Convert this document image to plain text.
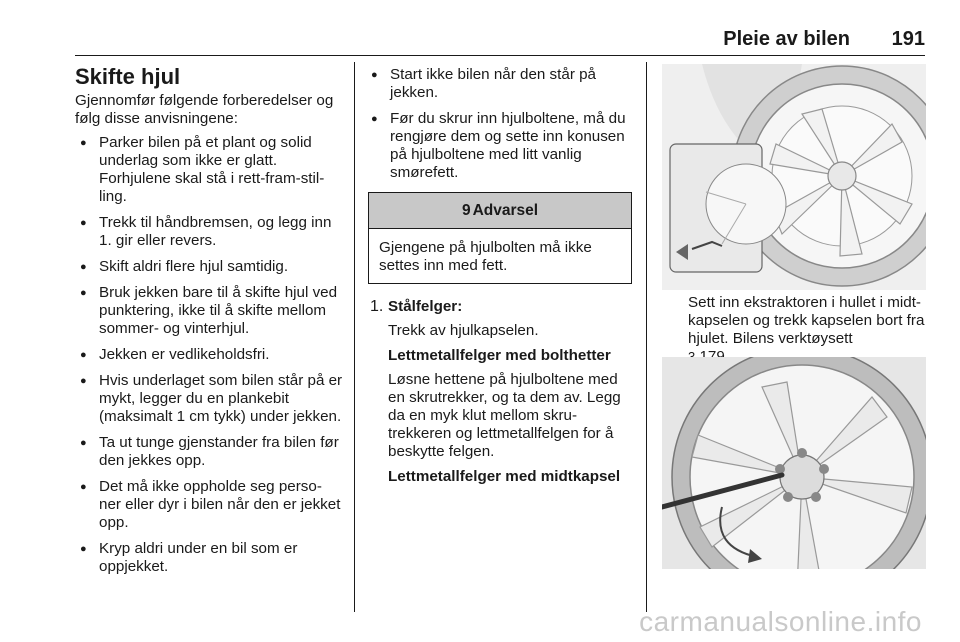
Pleie av bilen 191
Skifte hjul

Gjennomfør følgende forberedelser og følg disse anvisningene:

● Parker bilen på et plant og solid underlag som ikke er glatt. Forhjulene skal stå i rett-fram-stil- ling.
● Trekk til håndbremsen, og legg inn 1. gir eller revers.
● Skift aldri flere hjul samtidig.
● Bruk jekken bare til å skifte hjul ved punktering, ikke til å skifte mellom sommer- og vinterhjul.
● Jekken er vedlikeholdsfri.
● Hvis underlaget som bilen står på er mykt, legger du en plankebit (maksimalt 1 cm tykk) under jekken.
● Ta ut tunge gjenstander fra bilen før den jekkes opp.
● Det må ikke oppholde seg perso- ner eller dyr i bilen når den er jekket opp.
● Kryp aldri under en bil som er oppjekket.
● Start ikke bilen når den står på jekken.
● Før du skrur inn hjulboltene, må du rengjøre dem og sette inn konusen på hjulboltene med litt vanlig smørefett.
9 Advarsel

Gjengene på hjulbolten må ikke settes inn med fett.

1. Stålfelger:

Trekk av hjulkapselen.

Lettmetallfelger med bolthetter

Løsne hettene på hjulboltene med en skrutrekker, og ta dem av. Legg da en myk klut mellom skru- trekkeren og lettmetallfelgen for å beskytte felgen.

Lettmetallfelger med midtkapsel

Sett inn ekstraktoren i hullet i midt- kapselen og trekk kapselen bort fra hjulet. Bilens verktøysett

carmanualsonline.info
